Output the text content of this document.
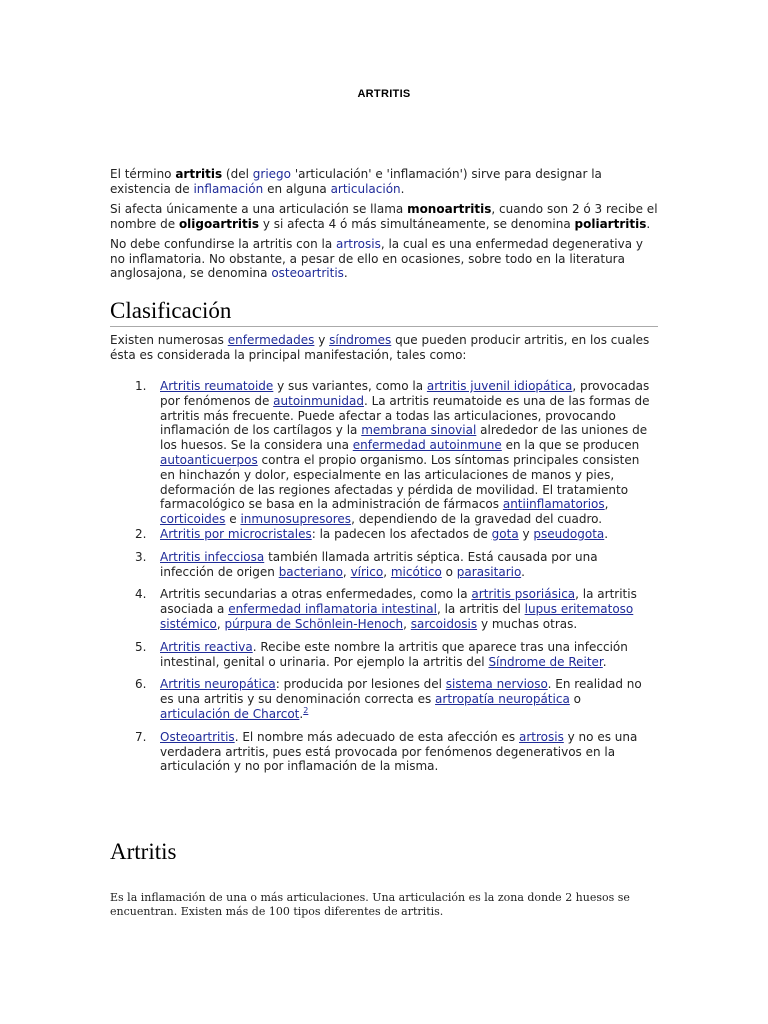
ARTRITIS

El término artritis (del griego 'articulación' e 'inflamación') sirve para designar la existencia de inflamación en alguna articulación.

Si afecta únicamente a una articulación se llama monoartritis, cuando son 2 ó 3 recibe el nombre de oligoartritis y si afecta 4 ó más simultáneamente, se denomina poliartritis.

No debe confundirse la artritis con la artrosis, la cual es una enfermedad degenerativa y no inflamatoria. No obstante, a pesar de ello en ocasiones, sobre todo en la literatura anglosajona, se denomina osteoartritis.

Clasificación

Existen numerosas enfermedades y síndromes que pueden producir artritis, en los cuales ésta es considerada la principal manifestación, tales como:

1. Artritis reumatoide y sus variantes, como la artritis juvenil idiopática, provocadas por fenómenos de autoinmunidad. La artritis reumatoide es una de las formas de artritis más frecuente. Puede afectar a todas las articulaciones, provocando inflamación de los cartílagos y la membrana sinovial alrededor de las uniones de los huesos. Se la considera una enfermedad autoinmune en la que se producen autoanticuerpos contra el propio organismo. Los síntomas principales consisten en hinchazón y dolor, especialmente en las articulaciones de manos y pies, deformación de las regiones afectadas y pérdida de movilidad. El tratamiento farmacológico se basa en la administración de fármacos antiinflamatorios, corticoides e inmunosupresores, dependiendo de la gravedad del cuadro.
2. Artritis por microcristales: la padecen los afectados de gota y pseudogota.
3. Artritis infecciosa también llamada artritis séptica. Está causada por una infección de origen bacteriano, vírico, micótico o parasitario.
4. Artritis secundarias a otras enfermedades, como la artritis psoriásica, la artritis asociada a enfermedad inflamatoria intestinal, la artritis del lupus eritematoso sistémico, púrpura de Schönlein-Henoch, sarcoidosis y muchas otras.
5. Artritis reactiva. Recibe este nombre la artritis que aparece tras una infección intestinal, genital o urinaria. Por ejemplo la artritis del Síndrome de Reiter.
6. Artritis neuropática: producida por lesiones del sistema nervioso. En realidad no es una artritis y su denominación correcta es artropatía neuropática o articulación de Charcot.$^2$
7. Osteoartritis. El nombre más adecuado de esta afección es artrosis y no es una verdadera artritis, pues está provocada por fenómenos degenerativos en la articulación y no por inflamación de la misma.
Artritis
Es la inflamación de una o más articulaciones. Una articulación es la zona donde 2 huesos se encuentran. Existen más de 100 tipos diferentes de artritis.
